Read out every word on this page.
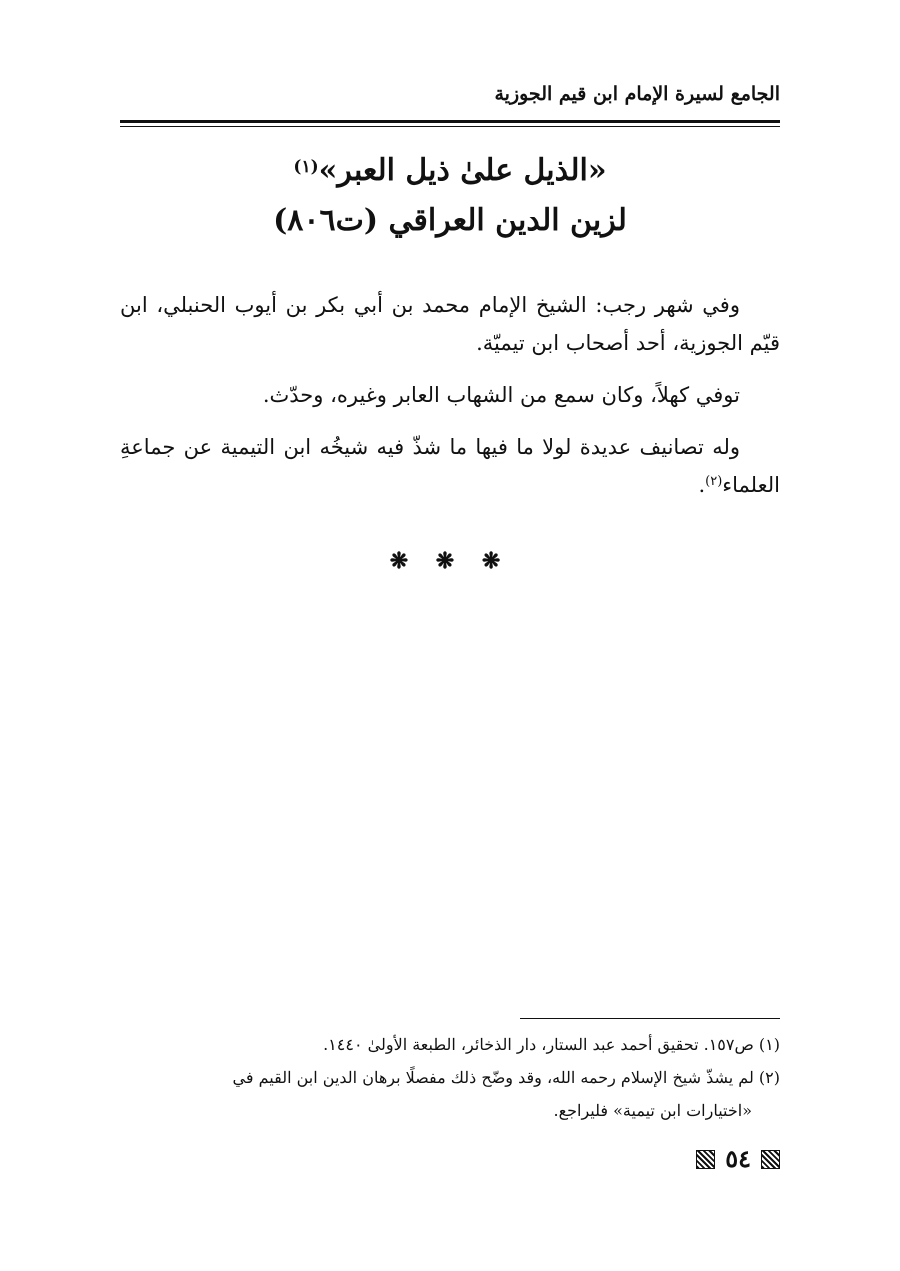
الجامع لسيرة الإمام ابن قيم الجوزية

«الذيل علىٰ ذيل العبر»$^{(١)}$

لزين الدين العراقي (ت٨٠٦)

وفي شهر رجب: الشيخ الإمام محمد بن أبي بكر بن أيوب الحنبلي، ابن قيّم الجوزية، أحد أصحاب ابن تيميّة.

توفي كهلاً، وكان سمع من الشهاب العابر وغيره، وحدّث.

وله تصانيف عديدة لولا ما فيها ما شذّ فيه شيخُه ابن التيمية عن جماعةِ العلماء$^{(٢)}$.

❋ ❋ ❋

(١) ص١٥٧. تحقيق أحمد عبد الستار، دار الذخائر، الطبعة الأولىٰ ١٤٤٠.

(٢) لم يشذّ شيخ الإسلام رحمه الله، وقد وضّح ذلك مفصلًا برهان الدين ابن القيم في

«اختيارات ابن تيمية» فليراجع.

٥٤
